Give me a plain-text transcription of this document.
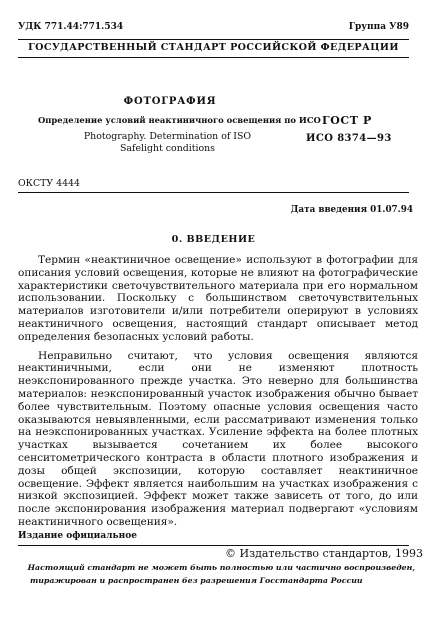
УДК 771.44:771.534	Группа У89
ГОСУДАРСТВЕННЫЙ СТАНДАРТ РОССИЙСКОЙ ФЕДЕРАЦИИ
ФОТОГРАФИЯ
Определение условий неактиничного освещения по ИСО
Photography. Determination of ISO
Safelight conditions
ГОСТ Р
ИСО 8374—93
ОКСТУ 4444
Дата введения 01.07.94
0. ВВЕДЕНИЕ

Термин «неактиничное освещение» используют в фотографии для описания условий освещения, которые не влияют на фотографические характеристики светочувствительного материала при его нормальном использовании. Поскольку с большинством светочувствительных материалов изготовители и/или потребители оперируют в условиях неактиничного освещения, настоящий стандарт описывает метод определения безопасных условий работы.

Неправильно считают, что условия освещения являются неактиничными, если они не изменяют плотность неэкспонированного прежде участка. Это неверно для большинства материалов: неэкспонированный участок изображения обычно бывает более чувствительным. Поэтому опасные условия освещения часто оказываются невыявленными, если рассматривают изменения только на неэкспонированных участках. Усиление эффекта на более плотных участках вызывается сочетанием их более высокого сенситометрического контраста в области плотного изображения и дозы общей экспозиции, которую составляет неактиничное освещение. Эффект является наибольшим на участках изображения с низкой экспозицией. Эффект может также зависеть от того, до или после экспонирования изображения материал подвергают «условиям неактиничного освещения».

Издание официальное
© Издательство стандартов, 1993
Настоящий стандарт не может быть полностью или частично воспроизведен,
тиражирован и распространен без разрешения Госстандарта России
